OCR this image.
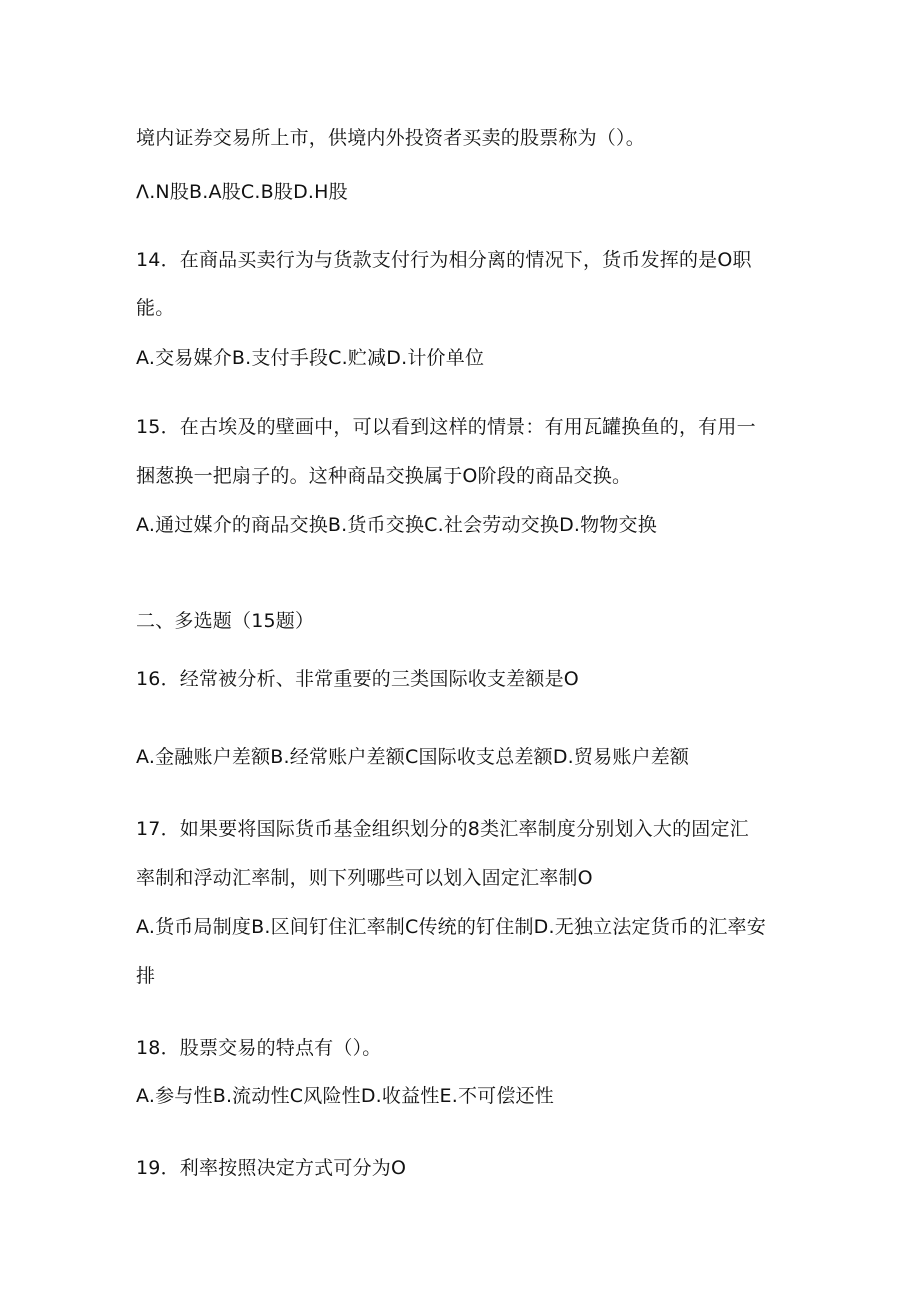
境内证券交易所上市，供境内外投资者买卖的股票称为（）。
Λ.N股B.A股C.B股D.H股
14．在商品买卖行为与货款支付行为相分离的情况下，货币发挥的是O职
能。
A.交易媒介B.支付手段C.贮减D.计价单位
15．在古埃及的壁画中，可以看到这样的情景：有用瓦罐换鱼的，有用一
捆葱换一把扇子的。这种商品交换属于O阶段的商品交换。
A.通过媒介的商品交换B.货币交换C.社会劳动交换D.物物交换
二、多选题（15题）
16．经常被分析、非常重要的三类国际收支差额是O
A.金融账户差额B.经常账户差额C国际收支总差额D.贸易账户差额
17．如果要将国际货币基金组织划分的8类汇率制度分别划入大的固定汇
率制和浮动汇率制，则下列哪些可以划入固定汇率制O
A.货币局制度B.区间钉住汇率制C传统的钉住制D.无独立法定货币的汇率安
排
18．股票交易的特点有（）。
A.参与性B.流动性C风险性D.收益性E.不可偿还性
19．利率按照决定方式可分为O
